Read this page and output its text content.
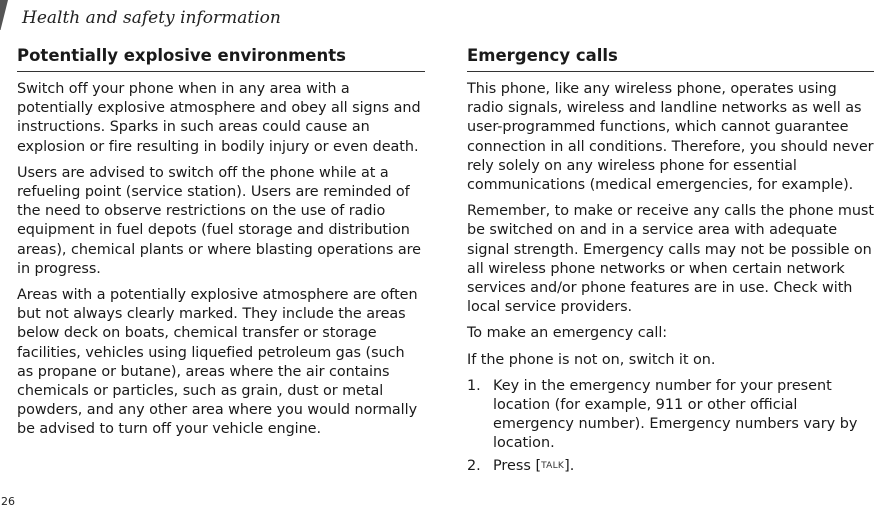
Health and safety information
Potentially explosive environments

Switch off your phone when in any area with a potentially explosive atmosphere and obey all signs and instructions. Sparks in such areas could cause an explosion or fire resulting in bodily injury or even death.

Users are advised to switch off the phone while at a refueling point (service station). Users are reminded of the need to observe restrictions on the use of radio equipment in fuel depots (fuel storage and distribution areas), chemical plants or where blasting operations are in progress.

Areas with a potentially explosive atmosphere are often but not always clearly marked. They include the areas below deck on boats, chemical transfer or storage facilities, vehicles using liquefied petroleum gas (such as propane or butane), areas where the air contains chemicals or particles, such as grain, dust or metal powders, and any other area where you would normally be advised to turn off your vehicle engine.

Emergency calls

This phone, like any wireless phone, operates using radio signals, wireless and landline networks as well as user-programmed functions, which cannot guarantee connection in all conditions. Therefore, you should never rely solely on any wireless phone for essential communications (medical emergencies, for example).

Remember, to make or receive any calls the phone must be switched on and in a service area with adequate signal strength. Emergency calls may not be possible on all wireless phone networks or when certain network services and/or phone features are in use. Check with local service providers.

To make an emergency call:

If the phone is not on, switch it on.

1. Key in the emergency number for your present location (for example, 911 or other official emergency number). Emergency numbers vary by location.
2. Press [TALK].
26
